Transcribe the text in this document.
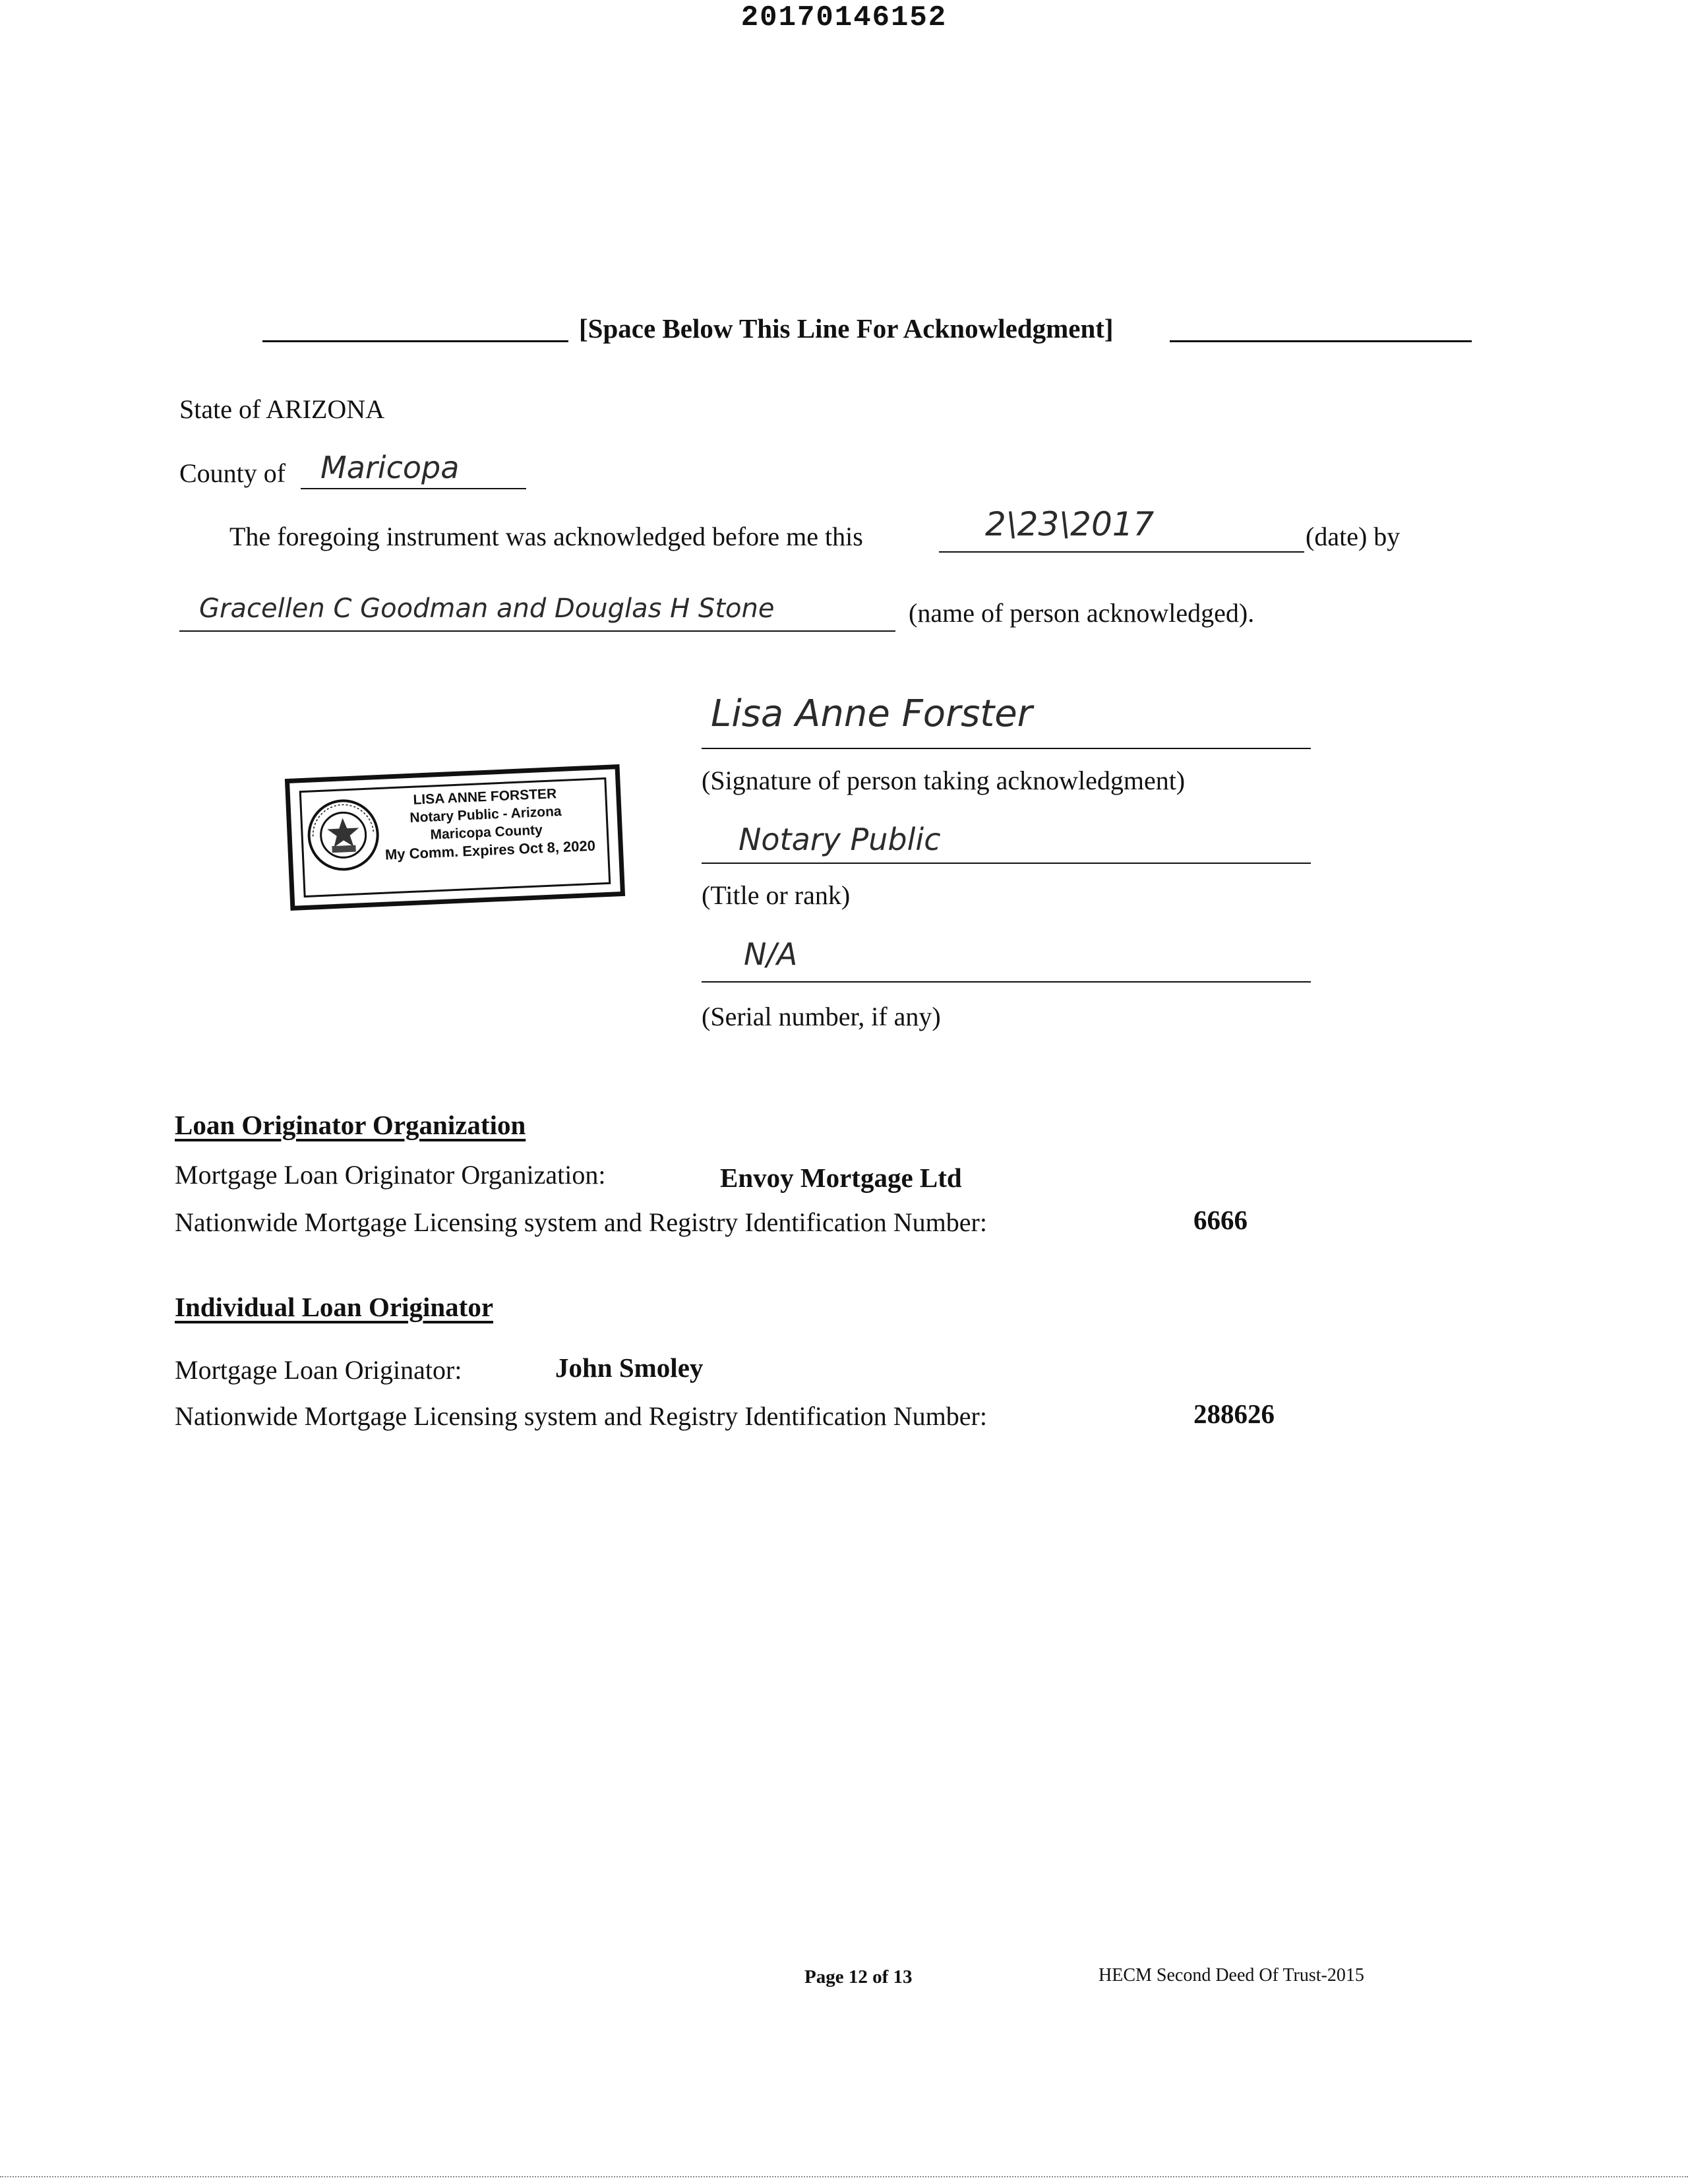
20170146152
[Space Below This Line For Acknowledgment]
State of ARIZONA
County of Maricopa
The foregoing instrument was acknowledged before me this	2\23\2017	(date) by
Gracellen C Goodman and Douglas H Stone	(name of person acknowledged).
Lisa Anne Forster
(Signature of person taking acknowledgment)
Notary Public
(Title or rank)
N/A
(Serial number, if any)
LISA ANNE FORSTER
Notary Public - Arizona
Maricopa County
My Comm. Expires Oct 8, 2020
Loan Originator Organization
Mortgage Loan Originator Organization:	Envoy Mortgage Ltd
Nationwide Mortgage Licensing system and Registry Identification Number:	6666
Individual Loan Originator
Mortgage Loan Originator:	John Smoley
Nationwide Mortgage Licensing system and Registry Identification Number:	288626
Page 12 of 13	HECM Second Deed Of Trust-2015
